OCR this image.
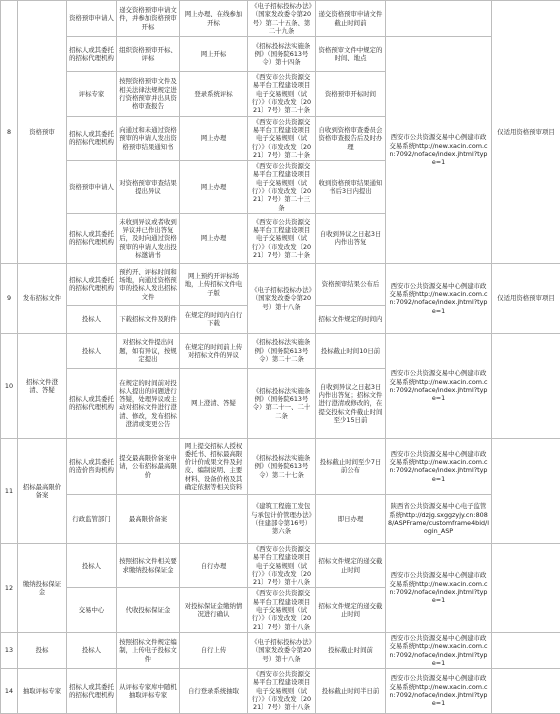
8	资格预审	资格预审申请人	递交资格预审申请文件，并参加资格预审开标	网上办理、在线参加开标	《电子招标投标办法》（国家发改委令第20号）第二十五条、第二十九条	递交资格预审申请文件截止时间前		仅适用资格预审项目
		招标人或其委托的招标代理机构	组织资格预审开标、评标	网上开标	《招标投标法实施条例》（国务院613号令）第十四条	资格预审文件中规定的时间、地点	西安市公共资源交易中心例建市政交易系统http://new.xacin.com.cn:7092/noface/index.jhtml?type=1	
		评标专家	按照资格预审文件及相关法律法规规定进行资格预审并出具资格审查报告	登录系统评标	《西安市公共资源交易平台工程建设项目电子交易规则（试行）》（市发改发〔2021〕7号）第二十条	资格预审开标时间		
		招标人或其委托的招标代理机构	向通过和未通过资格预审的申请人发出资格预审结果通知书	网上办理	《西安市公共资源交易平台工程建设项目电子交易规则（试行）》（市发改发〔2021〕7号）第二十条	自收到资格审查委员会资格审查报告后及时办理		
		资格预审申请人	对资格预审审查结果提出异议	网上办理	《西安市公共资源交易平台工程建设项目电子交易规则（试行）》（市发改发〔2021〕7号）第二十三条	收到资格预审结果通知书后3日内提出		
		招标人或其委托的招标代理机构	未收到异议或者收到异议并已作出答复后，及时向通过资格预审的申请人发出投标邀请书	网上办理	《西安市公共资源交易平台工程建设项目电子交易规则（试行）》（市发改发〔2021〕7号）第二十条	自收到异议之日起3日内作出答复		
9	发布招标文件	招标人或其委托的招标代理机构	预约开、评标时间和场地，向通过资格预审的投标人发出招标文件	网上预约开评标场地，上传招标文件电子版	《电子招标投标办法》（国家发改委令第20号）第十八条	资格预审结果公布后	西安市公共资源交易中心例建市政交易系统http://new.xacin.com.cn:7092/noface/index.jhtml?type=1	仅适用资格预审项目
		投标人	下载招标文件及附件	在规定的时间内自行下载		招标文件规定的时间内		
10	招标文件澄清、答疑	投标人	对招标文件提出问题，如有异议，按规定提出	在规定的时间前上传对招标文件的异议	《招标投标法实施条例》（国务院613号令）第二十二条	投标截止时间10日前	西安市公共资源交易中心例建市政交易系统http://new.xacin.com.cn:7092/noface/index.jhtml?type=1	
		招标人或其委托的招标代理机构	在规定的时间前对投标人提出的问题进行答疑，处理异议或主动对招标文件进行澄清、修改，发布招标澄清或变更公告	网上澄清、答疑	《招标投标法实施条例》（国务院613号令）第二十一、二十二条	自收到异议之日起3日内作出答复；招标文件进行澄清或修改的，在提交投标文件截止时间至少15日前		
11	招标最高限价备案	招标人或其委托的造价咨询机构	提交最高限价备案申请，公布招标最高限价	网上提交招标人授权委托书、招标最高限价计价成果文件及封皮、编制说明、主要材料、设备价格及其确定依据等相关资料	《招标投标法实施条例》（国务院613号令）第二十七条	投标截止时间至少7日前公布	西安市公共资源交易中心例建市政交易系统http://new.xacin.com.cn:7092/noface/index.jhtml?type=1	
		行政监管部门	最高限价备案		《建筑工程施工发包与承包计价管理办法》（住建部令第16号）第六条	即日办理	陕西省公共资源交易中心电子监管系统http://dzjg.sxggzyjy.cn:8088/ASPFrame/customframe4bid/login_ASP	
12	缴纳投标保证金	投标人	按照招标文件相关要求缴纳投标保证金	自行办理	《西安市公共资源交易平台工程建设项目电子交易规则（试行）》（市发改发〔2021〕7号）第十八条	招标文件规定的递交截止时间	西安市公共资源交易中心例建市政交易系统http://new.xacin.com.cn:7092/noface/index.jhtml?type=1	
		交易中心	代收投标保证金	对投标保证金缴纳情况进行确认	《西安市公共资源交易平台工程建设项目电子交易规则（试行）》（市发改发〔2021〕7号）第十八条	招标文件规定的递交截止时间		
13	投标	投标人	按照招标文件规定编制，上传电子投标文件	自行上传	《电子招标投标办法》（国家发改委令第20号）第十八条	投标截止时间前	西安市公共资源交易中心例建市政交易系统http://new.xacin.com.cn:7092/noface/index.jhtml?type=1	
14	抽取评标专家	招标人或其委托的招标代理机构	从评标专家库中随机抽取评标专家	自行登录系统抽取	《西安市公共资源交易平台工程建设项目电子交易规则（试行）》（市发改发〔2021〕7号）第十八条	投标截止时间半日前	西安市公共资源交易中心例建市政交易系统http://new.xacin.com.cn:7092/noface/index.jhtml?type=1	
